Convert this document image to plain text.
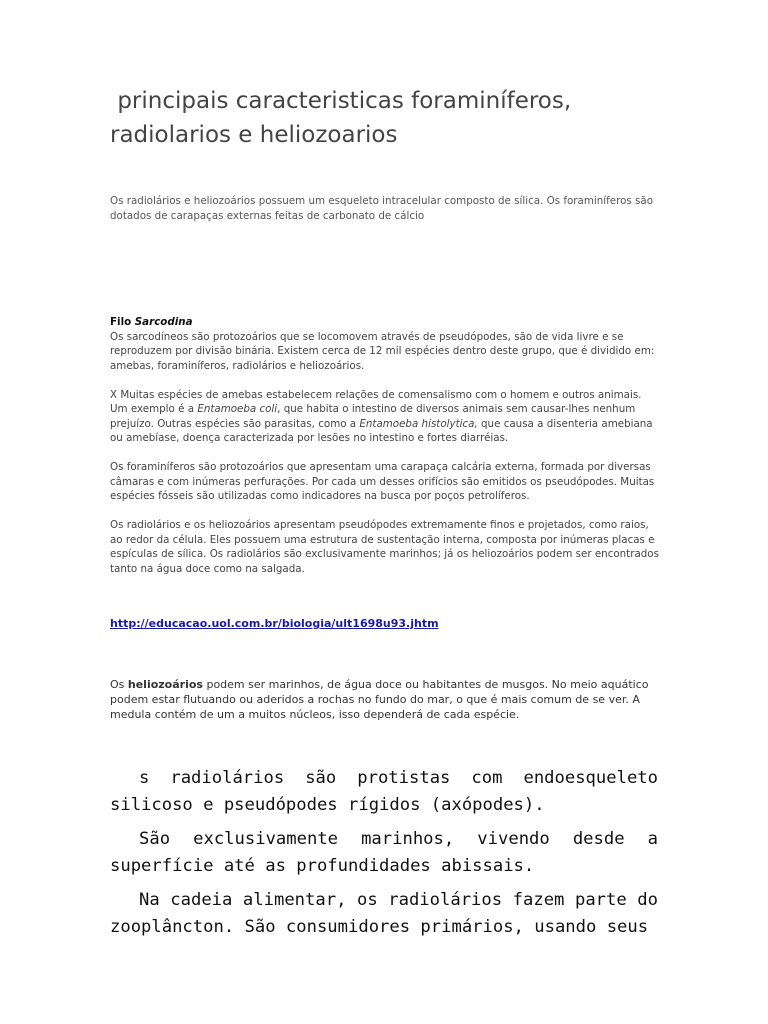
principais caracteristicas foraminíferos, radiolarios e heliozoarios

Os radiolários e heliozoários possuem um esqueleto intracelular composto de sílica. Os foraminíferos são dotados de carapaças externas feitas de carbonato de cálcio

Filo Sarcodina

Os sarcodíneos são protozoários que se locomovem através de pseudópodes, são de vida livre e se reproduzem por divisão binária. Existem cerca de 12 mil espécies dentro deste grupo, que é dividido em: amebas, foraminíferos, radiolários e heliozoários.

X Muitas espécies de amebas estabelecem relações de comensalismo com o homem e outros animais. Um exemplo é a Entamoeba coli, que habita o intestino de diversos animais sem causar-lhes nenhum prejuízo. Outras espécies são parasitas, como a Entamoeba histolytica, que causa a disenteria amebiana ou amebíase, doença caracterizada por lesões no intestino e fortes diarréias.

Os foraminíferos são protozoários que apresentam uma carapaça calcária externa, formada por diversas câmaras e com inúmeras perfurações. Por cada um desses orifícios são emitidos os pseudópodes. Muitas espécies fósseis são utilizadas como indicadores na busca por poços petrolíferos.

Os radiolários e os heliozoários apresentam pseudópodes extremamente finos e projetados, como raios, ao redor da célula. Eles possuem uma estrutura de sustentação interna, composta por inúmeras placas e espículas de sílica. Os radiolários são exclusivamente marinhos; já os heliozoários podem ser encontrados tanto na água doce como na salgada.

http://educacao.uol.com.br/biologia/ult1698u93.jhtm

Os heliozoários podem ser marinhos, de água doce ou habitantes de musgos. No meio aquático podem estar flutuando ou aderidos a rochas no fundo do mar, o que é mais comum de se ver. A medula contém de um a muitos núcleos, isso dependerá de cada espécie.

s radiolários são protistas com endoesqueleto silicoso e pseudópodes rígidos (axópodes).

São exclusivamente marinhos, vivendo desde a superfície até as profundidades abissais.

Na cadeia alimentar, os radiolários fazem parte do zooplâncton. São consumidores primários, usando seus
